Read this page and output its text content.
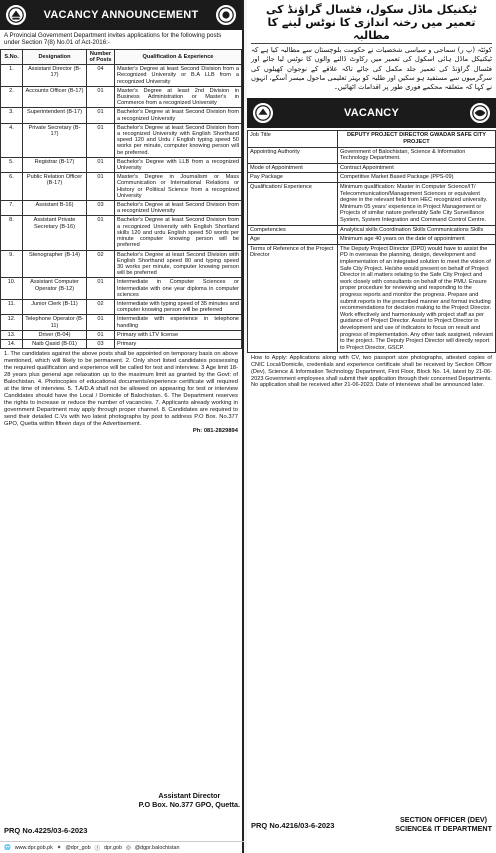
VACANCY ANNOUNCEMENT
A Provincial Government Department invites applications for the following posts under Section 7(8) No.01 of Act-2016:-
S.No.	Designation	Number of Posts	Qualification & Experience
1.	Assistant Director (B-17)	04	Master's Degree at least Second Division from a Recognized University or B.A LLB from a recognized University
2.	Accounts Officer (B-17)	01	Master's Degree at least 2nd Division in Business Administration or Master's in Commerce from a recognized University
3.	Superintendent (B-17)	01	Bachelor's Degree at least Second Division from a recognized University
4.	Private Secretary (B-17)	01	Bachelor's Degree at least Second Division from a recognized University with English Shorthand speed 120 and Urdu / English typing speed 50 works per minute, computer knowing person will be preferred.
5.	Registrar (B-17)	01	Bachelor's Degree with LLB from a recognized University
6.	Public Relation Officer (B-17)	01	Master's Degree in Journalism or Mass Communication or International Relations or History or Political Science from a recognized University
7.	Assistant B-16)	03	Bachelor's Degree at least Second Division from a recognized University
8.	Assistant Private Secretary (B-16)	01	Bachelor's Degree at least Second Division from a recognized University with English Shortland skills 120 and urdu English speed 50 words per minute computer knowing person will be preferred
9.	Stenographer (B-14)	02	Bachelor's Degree at least Second Division with English Shorthand speed 80 and typing speed 30 works per minute, computer knowing person will be preferred
10.	Assistant Computer Operator (B-12)	01	Intermediate in Computer Sciences or Intermediate with one year diploma in computer sciences
11.	Junior Clerk (B-11)	02	Intermediate with typing speed of 35 minutes and computer knowing person will be preferred
12.	Telephone Operator (B-11)	01	Intermediate with experience in telephone handling
13.	Driver (B-04)	01	Primary with LTV license
14.	Naib Qasid (B-01)	03	Primary
1. The candidates against the above posts shall be appointed on temporary basis on above mentioned, which will likely to be permanent. 2. Only short listed candidates possessing the required qualification and experience will be called for test and interview. 3 Age limit 18-28 years plus general age relaxation up to the maximum limit as granted by the Govt: of Balochistan. 4. Photocopies of educational documents/experience certificate will required at the time of interview. 5. T.A/D.A shall not be allowed on appearing for test or interview Candidates should have the Local / Domicile of Balochistan. 6. The Department reserves the rights to increase or reduce the number of vacancies. 7. Applicants already working in government Department may apply through proper channel. 8. Candidates are required to send their detailed C.Vs with two latest photographs by post to address P.O Box. No.377 GPO, Quetta within fifteen days of the Advertisement.
Ph: 081-2829894
Assistant Director
P.O Box. No.377 GPO, Quetta.
PRQ No.4225/03-6-2023
🌐 www.dpr.gob.pk ✦ @dpr_gob ⓕ dpr.gob ◎ @dgpr.balochistan
ٹیکنیکل ماڈل سکول، فٹسال گراؤنڈ کی تعمیر میں رخنہ اندازی کا نوٹس لینے کا مطالبہ
کوئٹہ (پ ر) سماجی و سیاسی شخصیات نے حکومت بلوچستان سے مطالبہ کیا ہے کہ ٹیکنیکل ماڈل ہائی اسکول کی تعمیر میں رکاوٹ ڈالنے والوں کا نوٹس لیا جائے اور فٹسال گراؤنڈ کی تعمیر جلد مکمل کی جائے تاکہ علاقے کے نوجوان کھیلوں کی سرگرمیوں سے مستفید ہو سکیں اور طلبہ کو بہتر تعلیمی ماحول میسر آسکے، انہوں نے کہا کہ متعلقہ محکمے فوری طور پر اقدامات اٹھائیں۔
VACANCY
Job Title	DEPUTY PROJECT DIRECTOR GWADAR SAFE CITY PROJECT
Appointing Authority	Government of Balochistan, Science & Information Technology Department.
Mode of Appointment	Contract Appointment
Pay Package	Competitive Market Based Package (PPS-09)
Qualification/ Experience	Minimum qualification: Master in Computer Science/IT/ Telecommunication/Management Sciences or equivalent degree in the relevant field from HEC recognized university. Minimum 05 years' experience in Project Management or Projects of similar nature preferably Safe City Surveillance System, System Integration and Command Control Centre.
Competencies	Analytical skills Coordination Skills Communications Skills
Age	Minimum age 40 years on the date of appointment
Terms of Reference of the Project Director	The Deputy Project Director (DPD) would have to assist the PD in overseas the planning, design, development and implementation of an integrated solution to meet the vision of Safe City Project. He/she would present on behalf of Project Director in all matters relating to the Safe City Project and work closely with consultants on behalf of the PMU. Ensure proper procedure for reviewing and responding to the progress reports and monitor the progress. Prepare and submit reports in the prescribed manner and format including recommendations for decision making to the Project Director. Work effectively and harmoniously with project staff as per guidance of Project Director. Assist to Project Director in development and use of indicators to focus on result and progress of implementation. Any other task assigned, relevant to the project. The Deputy Project Director will directly report to Project Director, GSCP.
How to Apply: Applications along with CV, two passport size photographs, attested copies of CNIC Local/Domicile, credentials and experience certificate shall be received by Section Officer (Dev), Science & Information Technology Department, First Floor, Block No. 14, latest by 21-06-2023 Government employees shall submit their application through their concerned Departments. No application shall be received after 21-06-2023. Date of interviews shall be announced later.
PRQ No.4216/03-6-2023
SECTION OFFICER (DEV)
SCIENCE& IT DEPARTMENT
